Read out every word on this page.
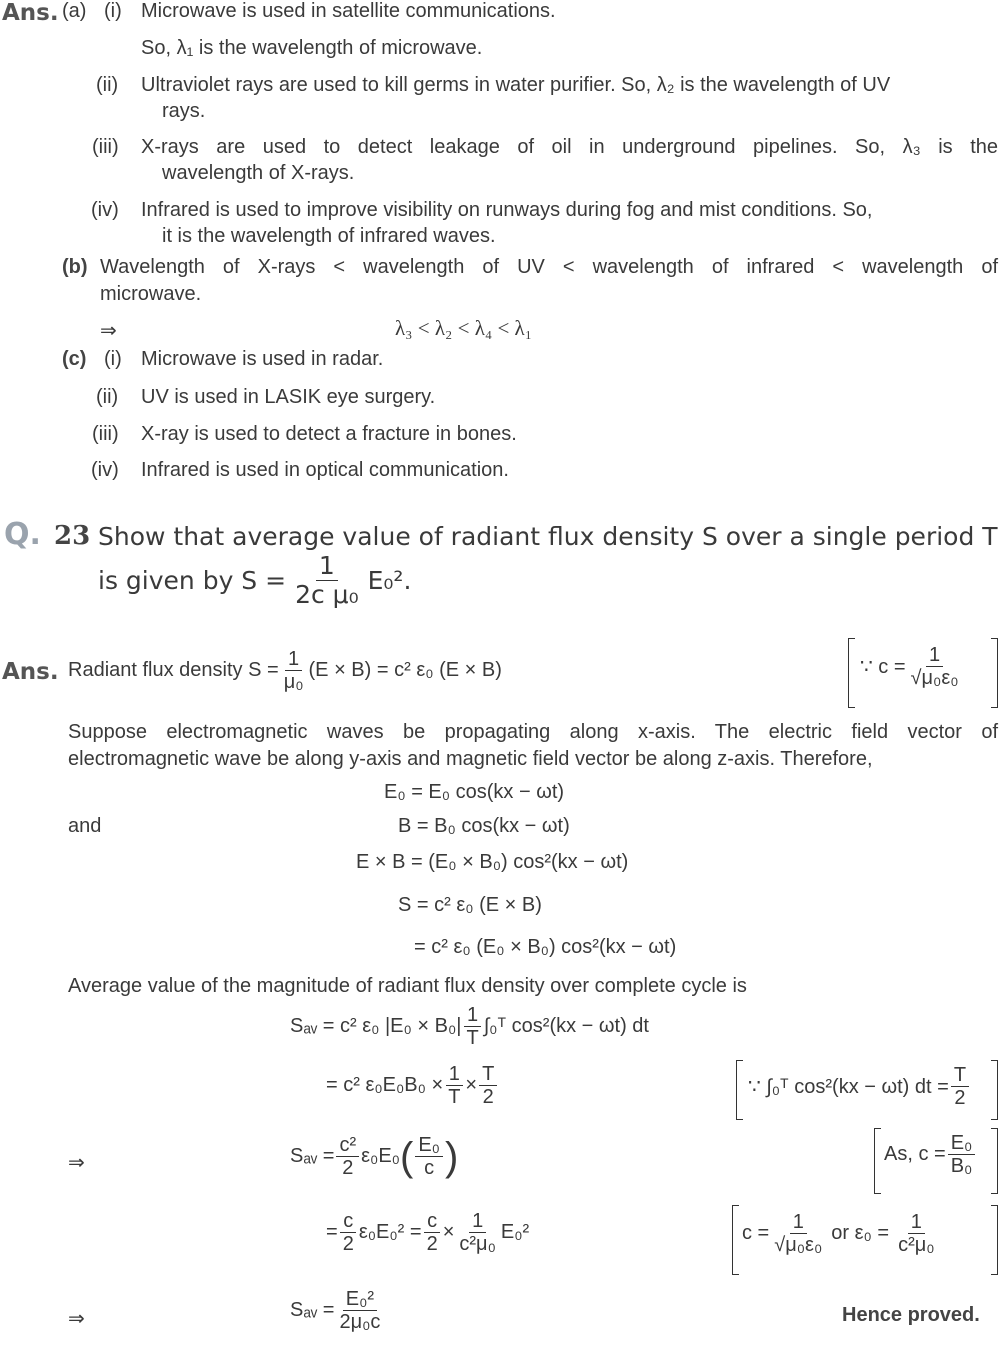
Ans. (a) (i) Microwave is used in satellite communications.
So, λ₁ is the wavelength of microwave.
(ii) Ultraviolet rays are used to kill germs in water purifier. So, λ₂ is the wavelength of UV
rays.
(iii) X-rays are used to detect leakage of oil in underground pipelines. So, λ₃ is the
wavelength of X-rays.
(iv) Infrared is used to improve visibility on runways during fog and mist conditions. So,
it is the wavelength of infrared waves.
(b) Wavelength of X-rays < wavelength of UV < wavelength of infrared < wavelength of
microwave.
⇒	λ₃ < λ₂ < λ₄ < λ₁
(c) (i) Microwave is used in radar.
(ii) UV is used in LASIK eye surgery.
(iii) X-ray is used to detect a fracture in bones.
(iv) Infrared is used in optical communication.
Q. 23 Show that average value of radiant flux density S over a single period T
is given by $S = \frac{1}{\text{2c μ₀}} E_0^2$.
Ans. Radiant flux density $S = \frac{1}{\text{μ₀}} (E \times B) = c^2$ ε₀ (E × B)	∵ $c = \frac{1}{\text{√μ₀ε₀}}$
Suppose electromagnetic waves be propagating along x-axis. The electric field vector of
electromagnetic wave be along y-axis and magnetic field vector be along z-axis. Therefore,
E₀ = E₀ cos(kx − ωt)
and	B = B₀ cos(kx − ωt)
E × B = (E₀ × B₀) cos²(kx − ωt)
S = c² ε₀ (E × B)
= c² ε₀ (E₀ × B₀) cos²(kx − ωt)
Average value of the magnitude of radiant flux density over complete cycle is
Sₐᵥ = c² ε₀ $|E_0 \times B_0| \frac{1}{T}$ ∫₀ᵀ cos²(kx − ωt) dt
= c² $\varepsilon_0E_0B_0 \times \frac{1}{T} \times \frac{T}{2}$	∵ ∫₀ᵀ cos²(kx − ωt) dt = $\frac{T}{2}$
⇒	Sₐᵥ = $\frac{\text{c²}}{2} \varepsilon_0E_0$ ( $\frac{\text{E₀}}{c}$ )	As, $c = \frac{\text{E₀}}{\text{B₀}}$
= $\frac{c}{2} \varepsilon_0E_0^2 = \frac{c}{2} \times \frac{1}{\text{c²μ₀}} E_0^2$	$c = \frac{1}{\text{√μ₀ε₀}}$ or $\varepsilon_0 = \frac{1}{\text{c²μ₀}}$
⇒	Sₐᵥ = $\frac{\text{E₀²}}{\text{2μ₀c}}$	Hence proved.
